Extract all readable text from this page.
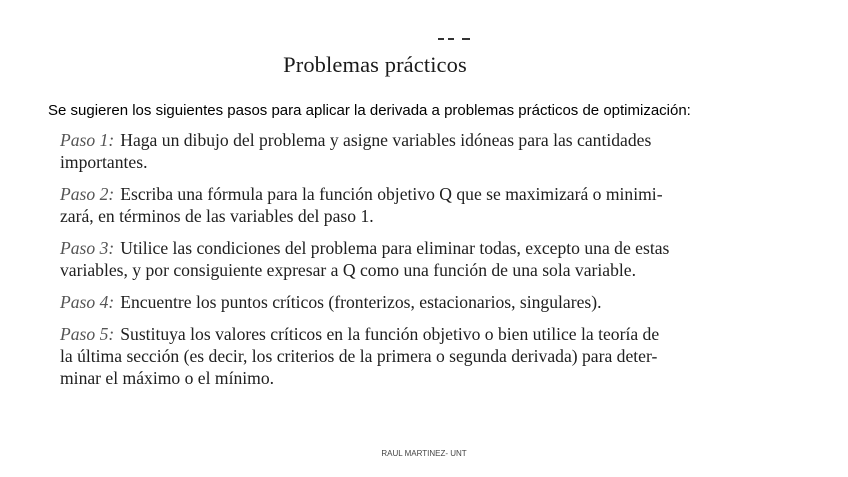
Problemas prácticos
Se sugieren los siguientes pasos para aplicar la derivada a problemas prácticos de optimización:
Paso 1: Haga un dibujo del problema y asigne variables idóneas para las cantidades
importantes.
Paso 2: Escriba una fórmula para la función objetivo Q que se maximizará o minimi-
zará, en términos de las variables del paso 1.
Paso 3: Utilice las condiciones del problema para eliminar todas, excepto una de estas
variables, y por consiguiente expresar a Q como una función de una sola variable.
Paso 4: Encuentre los puntos críticos (fronterizos, estacionarios, singulares).
Paso 5: Sustituya los valores críticos en la función objetivo o bien utilice la teoría de
la última sección (es decir, los criterios de la primera o segunda derivada) para deter-
minar el máximo o el mínimo.
RAUL MARTINEZ- UNT
